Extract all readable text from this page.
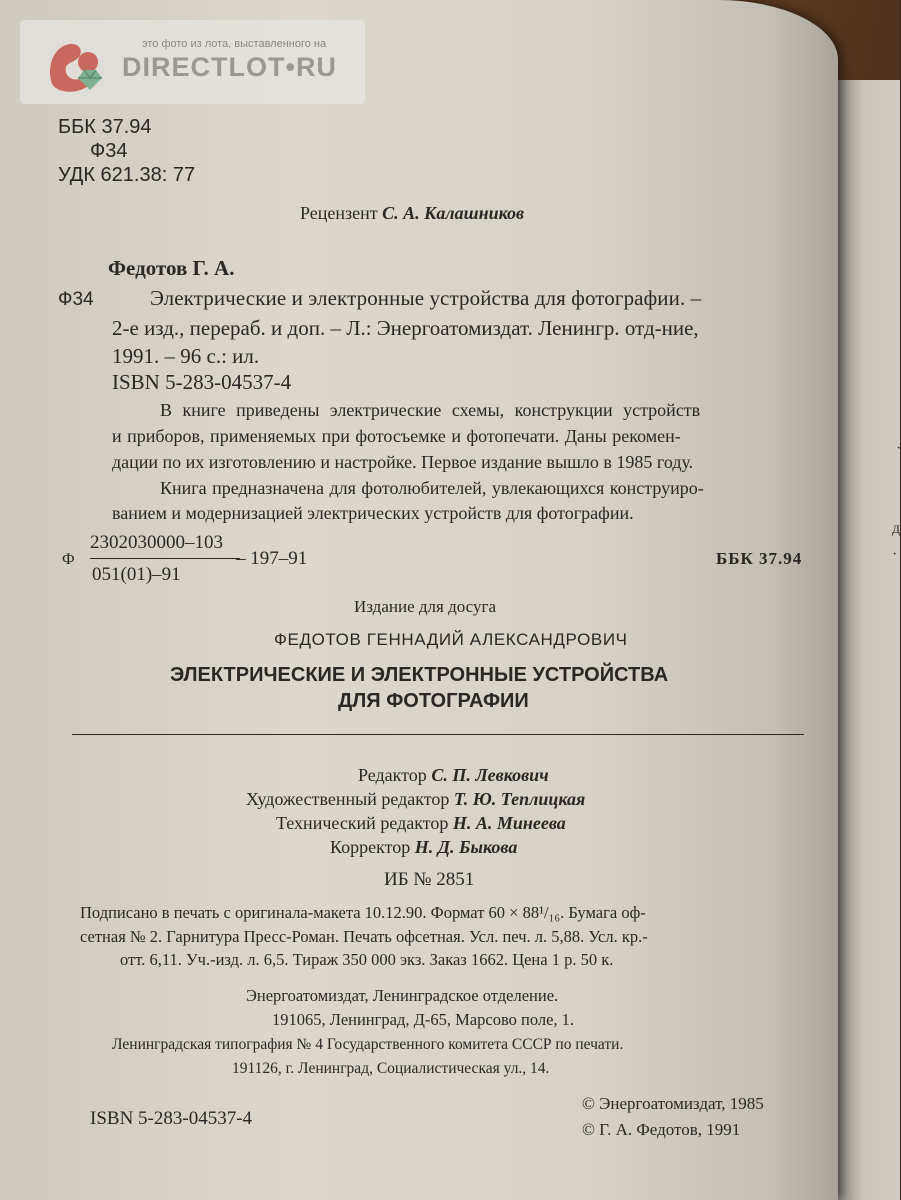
·
д
·
это фото из лота, выставленного на
DIRECTLOT•RU
ББК 37.94
Ф34
УДК 621.38: 77
Рецензент С. А. Калашников
Федотов Г. А.
Ф34	Электрические и электронные устройства для фотографии. –
2-е изд., перераб. и доп. – Л.: Энергоатомиздат. Ленингр. отд-ние,
1991. – 96 с.: ил.
ISBN 5-283-04537-4
В книге приведены электрические схемы, конструкции устройств
и приборов, применяемых при фотосъемке и фотопечати. Даны рекомен-
дации по их изготовлению и настройке. Первое издание вышло в 1985 году.
Книга предназначена для фотолюбителей, увлекающихся конструиро-
ванием и модернизацией электрических устройств для фотографии.
Ф
2302030000–103
051(01)–91
– 197–91	ББК 37.94
Издание для досуга
ФЕДОТОВ ГЕННАДИЙ АЛЕКСАНДРОВИЧ
ЭЛЕКТРИЧЕСКИЕ И ЭЛЕКТРОННЫЕ УСТРОЙСТВА
ДЛЯ ФОТОГРАФИИ
Редактор С. П. Левкович
Художественный редактор Т. Ю. Теплицкая
Технический редактор Н. А. Минеева
Корректор Н. Д. Быкова
ИБ № 2851
Подписано в печать с оригинала-макета 10.12.90. Формат 60 × 88¹/₁₆. Бумага оф-
сетная № 2. Гарнитура Пресс-Роман. Печать офсетная. Усл. печ. л. 5,88. Усл. кр.-
отт. 6,11. Уч.-изд. л. 6,5. Тираж 350 000 экз. Заказ 1662. Цена 1 р. 50 к.
Энергоатомиздат, Ленинградское отделение.
191065, Ленинград, Д-65, Марсово поле, 1.
Ленинградская типография № 4 Государственного комитета СССР по печати.
191126, г. Ленинград, Социалистическая ул., 14.
ISBN 5-283-04537-4
© Энергоатомиздат, 1985
© Г. А. Федотов, 1991
